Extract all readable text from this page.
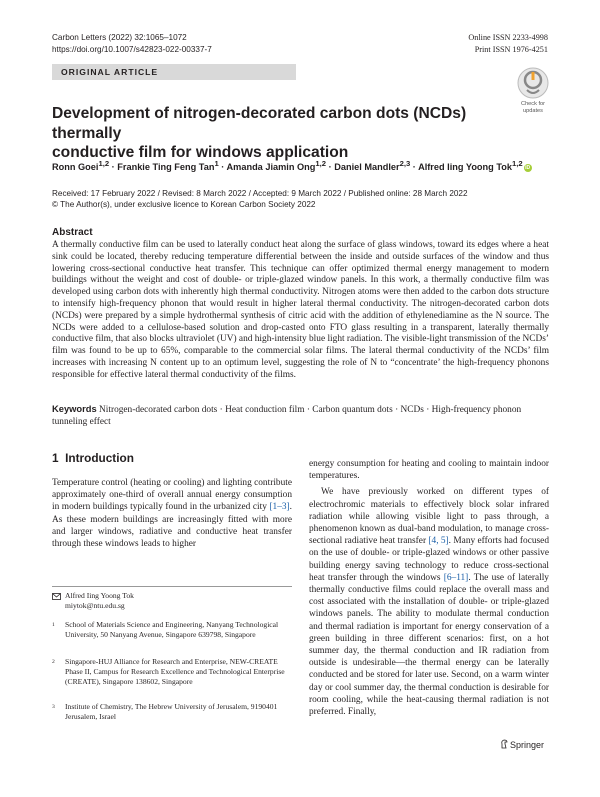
Carbon Letters (2022) 32:1065–1072
https://doi.org/10.1007/s42823-022-00337-7
Online ISSN 2233-4998
Print ISSN 1976-4251
ORIGINAL ARTICLE
Check for
updates
Development of nitrogen-decorated carbon dots (NCDs) thermally
conductive film for windows application
Ronn Goei$^{1,2}$ · Frankie Ting Feng Tan$^1$ · Amanda Jiamin Ong$^{1,2}$ · Daniel Mandler$^{2,3}$ · Alfred Iing Yoong Tok$^{1,2}$iD
Received: 17 February 2022 / Revised: 8 March 2022 / Accepted: 9 March 2022 / Published online: 28 March 2022
© The Author(s), under exclusive licence to Korean Carbon Society 2022
Abstract
A thermally conductive film can be used to laterally conduct heat along the surface of glass windows, toward its edges where a heat sink could be located, thereby reducing temperature differential between the inside and outside surfaces of the window and thus lowering cross-sectional conductive heat transfer. This technique can offer optimized thermal energy management to modern buildings without the weight and cost of double- or triple-glazed window panels. In this work, a thermally conductive film was developed using carbon dots with inherently high thermal conductivity. Nitrogen atoms were then added to the carbon dots structure to intensify high-frequency phonon that would result in higher lateral thermal conductivity. The nitrogen-decorated carbon dots (NCDs) were prepared by a simple hydrothermal synthesis of citric acid with the addition of ethylenediamine as the N source. The NCDs were added to a cellulose-based solution and drop-casted onto FTO glass resulting in a transparent, laterally thermally conductive film, that also blocks ultraviolet (UV) and high-intensity blue light radiation. The visible-light transmission of the NCDs’ film was found to be up to 65%, comparable to the commercial solar films. The lateral thermal conductivity of the NCDs’ film increases with increasing N content up to an optimum level, suggesting the role of N to “concentrate’ the high-frequency phonons responsible for effective lateral thermal conductivity of the films.
Keywords Nitrogen-decorated carbon dots · Heat conduction film · Carbon quantum dots · NCDs · High-frequency phonon tunneling effect
1 Introduction

Temperature control (heating or cooling) and lighting contribute approximately one-third of overall annual energy consumption in modern buildings typically found in the urbanized city [1–3]. As these modern buildings are increasingly fitted with more and larger windows, radiative and conductive heat transfer through these windows leads to higher

Alfred Iing Yoong Tok
miytok@ntu.edu.sg
1 School of Materials Science and Engineering, Nanyang Technological University, 50 Nanyang Avenue, Singapore 639798, Singapore
2 Singapore-HUJ Alliance for Research and Enterprise, NEW-CREATE Phase II, Campus for Research Excellence and Technological Enterprise (CREATE), Singapore 138602, Singapore
3 Institute of Chemistry, The Hebrew University of Jerusalem, 9190401 Jerusalem, Israel

energy consumption for heating and cooling to maintain indoor temperatures.

We have previously worked on different types of electrochromic materials to effectively block solar infrared radiation while allowing visible light to pass through, a phenomenon known as dual-band modulation, to manage cross-sectional radiative heat transfer [4, 5]. Many efforts had focused on the use of double- or triple-glazed windows or other passive building energy saving technology to reduce cross-sectional heat transfer through the windows [6–11]. The use of laterally thermally conductive films could replace the overall mass and cost associated with the installation of double- or triple-glazed windows panels. The ability to modulate thermal conduction and thermal radiation is important for energy conservation of a green building in three different scenarios: first, on a hot summer day, the thermal conduction and IR radiation from outside is undesirable—the thermal energy can be laterally conducted and be stored for later use. Second, on a warm winter day or cool summer day, the thermal conduction is desirable for room cooling, while the heat-causing thermal radiation is not preferred. Finally,

Springer
